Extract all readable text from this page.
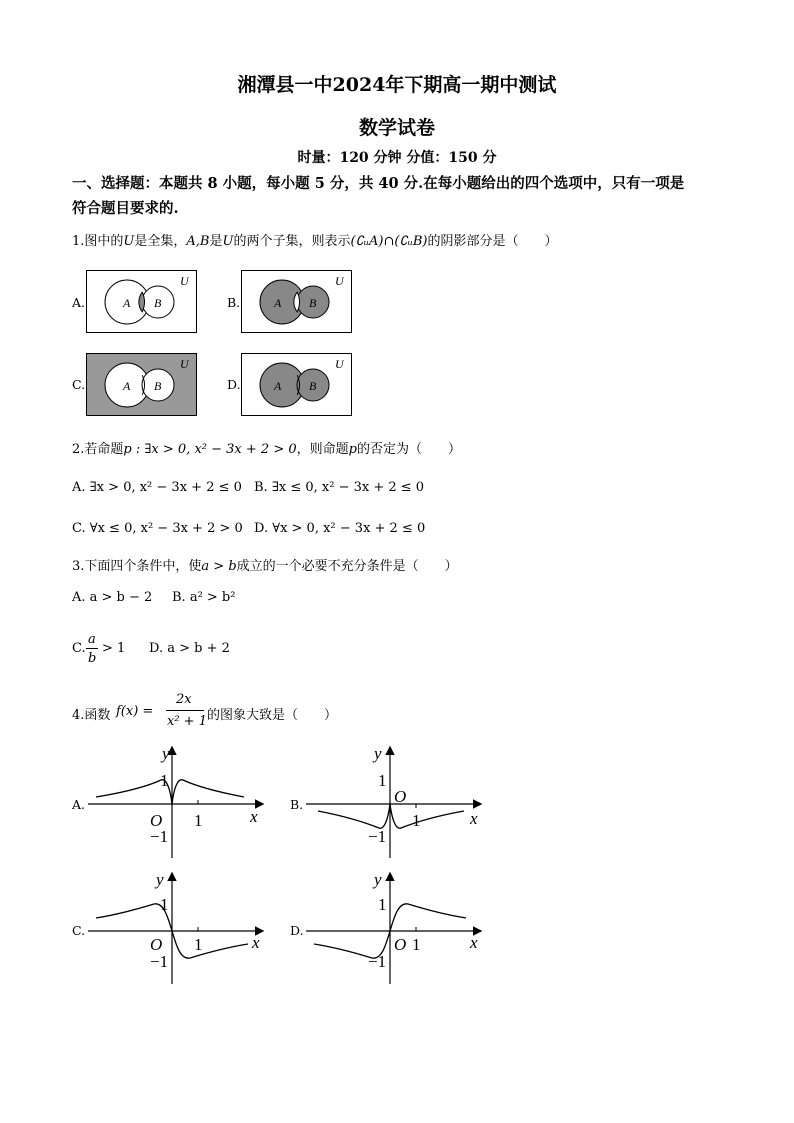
湘潭县一中2024年下期高一期中测试
数学试卷
时量：120 分钟 分值：150 分
一、选择题：本题共 8 小题，每小题 5 分，共 40 分.在每小题给出的四个选项中，只有一项是
符合题目要求的.
1.图中的U是全集，A,B是U的两个子集，则表示(∁ᵤA)∩(∁ᵤB)的阴影部分是（　　）
A.	A B
U
B.	A B
U
C.	A B
U
D.	A B
U
2.若命题p : ∃x > 0, x² − 3x + 2 > 0，则命题p的否定为（　　）
A. ∃x > 0, x² − 3x + 2 ≤ 0 B. ∃x ≤ 0, x² − 3x + 2 ≤ 0
C. ∀x ≤ 0, x² − 3x + 2 > 0 D. ∀x > 0, x² − 3x + 2 ≤ 0
3.下面四个条件中，使a > b成立的一个必要不充分条件是（　　）
A. a > b − 2 B. a² > b²
C.
a
b
> 1 D. a > b + 2
4.函数 f(x) =
2x
x² + 1 的图象大致是（　　）
A.
y
x
O 1
1
−1
B.
y
x
O
1
1
−1
C.
y
x
O 1
1
−1
D.
y
x
O 1
1
−1
